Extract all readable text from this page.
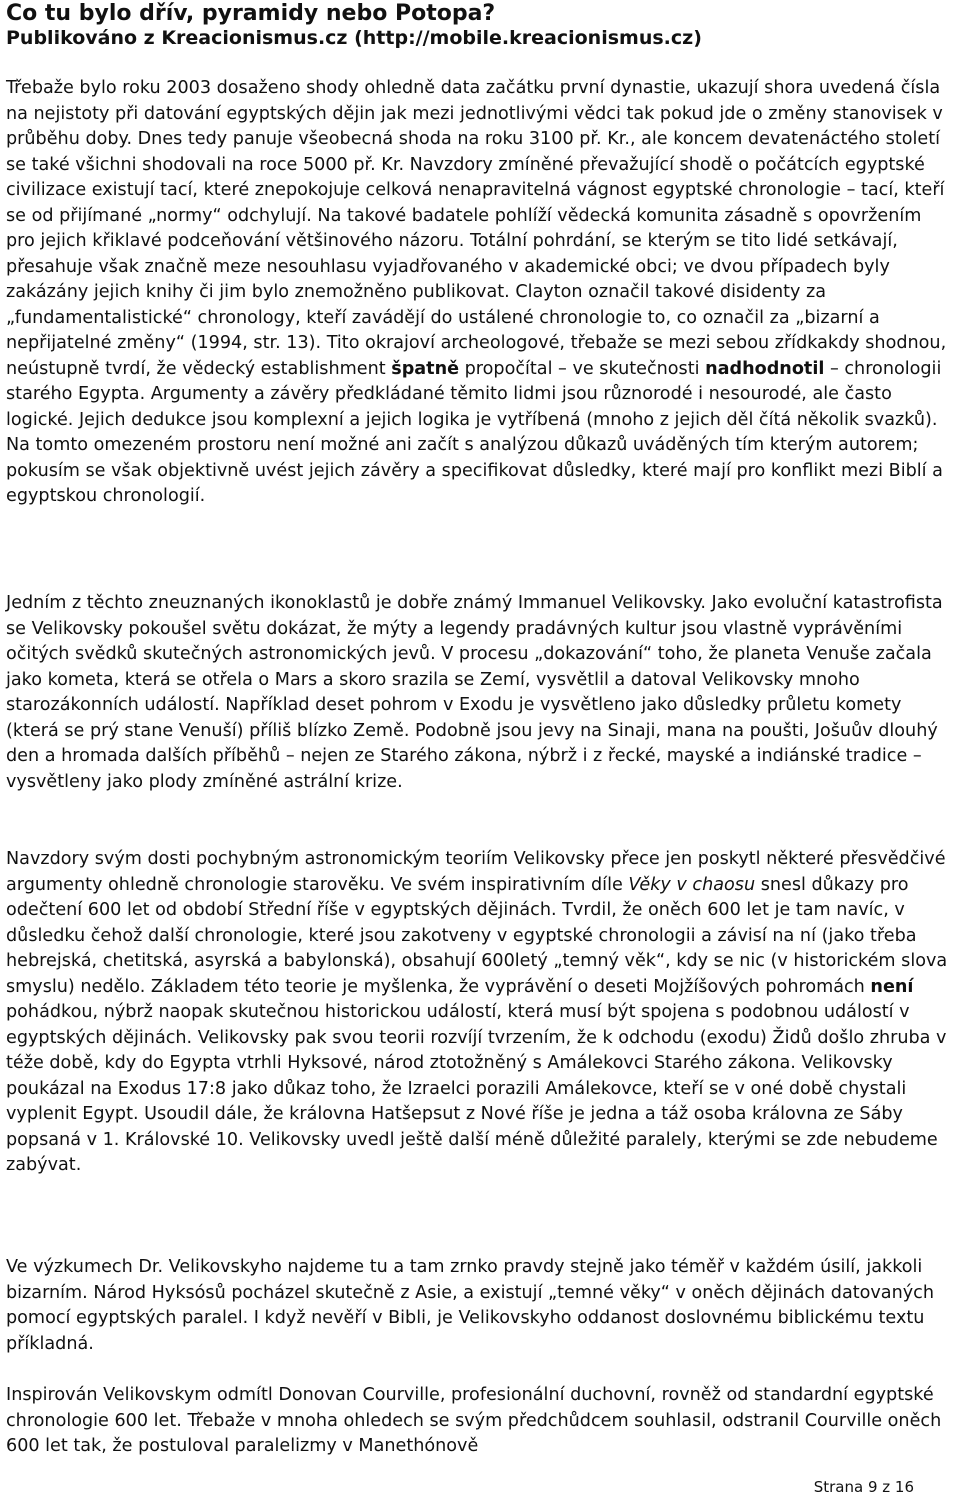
Co tu bylo dřív, pyramidy nebo Potopa?
Publikováno z Kreacionismus.cz (http://mobile.kreacionismus.cz)

Třebaže bylo roku 2003 dosaženo shody ohledně data začátku první dynastie, ukazují shora uvedená čísla na nejistoty při datování egyptských dějin jak mezi jednotlivými vědci tak pokud jde o změny stanovisek v průběhu doby. Dnes tedy panuje všeobecná shoda na roku 3100 př. Kr., ale koncem devatenáctého století se také všichni shodovali na roce 5000 př. Kr. Navzdory zmíněné převažující shodě o počátcích egyptské civilizace existují tací, které znepokojuje celková nenapravitelná vágnost egyptské chronologie – tací, kteří se od přijímané „normy“ odchylují. Na takové badatele pohlíží vědecká komunita zásadně s opovržením pro jejich křiklavé podceňování většinového názoru. Totální pohrdání, se kterým se tito lidé setkávají, přesahuje však značně meze nesouhlasu vyjadřovaného v akademické obci; ve dvou případech byly zakázány jejich knihy či jim bylo znemožněno publikovat. Clayton označil takové disidenty za „fundamentalistické“ chronology, kteří zavádějí do ustálené chronologie to, co označil za „bizarní a nepřijatelné změny“ (1994, str. 13). Tito okrajoví archeologové, třebaže se mezi sebou zřídkakdy shodnou, neústupně tvrdí, že vědecký establishment špatně propočítal – ve skutečnosti nadhodnotil – chronologii starého Egypta. Argumenty a závěry předkládané těmito lidmi jsou různorodé i nesourodé, ale často logické. Jejich dedukce jsou komplexní a jejich logika je vytříbená (mnoho z jejich děl čítá několik svazků). Na tomto omezeném prostoru není možné ani začít s analýzou důkazů uváděných tím kterým autorem; pokusím se však objektivně uvést jejich závěry a specifikovat důsledky, které mají pro konflikt mezi Biblí a egyptskou chronologií.

Jedním z těchto zneuznaných ikonoklastů je dobře známý Immanuel Velikovsky. Jako evoluční katastrofista se Velikovsky pokoušel světu dokázat, že mýty a legendy pradávných kultur jsou vlastně vyprávěními očitých svědků skutečných astronomických jevů. V procesu „dokazování“ toho, že planeta Venuše začala jako kometa, která se otřela o Mars a skoro srazila se Zemí, vysvětlil a datoval Velikovsky mnoho starozákonních událostí. Například deset pohrom v Exodu je vysvětleno jako důsledky průletu komety (která se prý stane Venuší) příliš blízko Země. Podobně jsou jevy na Sinaji, mana na poušti, Jošuův dlouhý den a hromada dalších příběhů – nejen ze Starého zákona, nýbrž i z řecké, mayské a indiánské tradice – vysvětleny jako plody zmíněné astrální krize.

Navzdory svým dosti pochybným astronomickým teoriím Velikovsky přece jen poskytl některé přesvědčivé argumenty ohledně chronologie starověku. Ve svém inspirativním díle Věky v chaosu snesl důkazy pro odečtení 600 let od období Střední říše v egyptských dějinách. Tvrdil, že oněch 600 let je tam navíc, v důsledku čehož další chronologie, které jsou zakotveny v egyptské chronologii a závisí na ní (jako třeba hebrejská, chetitská, asyrská a babylonská), obsahují 600letý „temný věk“, kdy se nic (v historickém slova smyslu) nedělo. Základem této teorie je myšlenka, že vyprávění o deseti Mojžíšových pohromách není pohádkou, nýbrž naopak skutečnou historickou událostí, která musí být spojena s podobnou událostí v egyptských dějinách. Velikovsky pak svou teorii rozvíjí tvrzením, že k odchodu (exodu) Židů došlo zhruba v téže době, kdy do Egypta vtrhli Hyksové, národ ztotožněný s Amálekovci Starého zákona. Velikovsky poukázal na Exodus 17:8 jako důkaz toho, že Izraelci porazili Amálekovce, kteří se v oné době chystali vyplenit Egypt. Usoudil dále, že královna Hatšepsut z Nové říše je jedna a táž osoba královna ze Sáby popsaná v 1. Královské 10. Velikovsky uvedl ještě další méně důležité paralely, kterými se zde nebudeme zabývat.

Ve výzkumech Dr. Velikovskyho najdeme tu a tam zrnko pravdy stejně jako téměř v každém úsilí, jakkoli bizarním. Národ Hyksósů pocházel skutečně z Asie, a existují „temné věky“ v oněch dějinách datovaných pomocí egyptských paralel. I když nevěří v Bibli, je Velikovskyho oddanost doslovnému biblickému textu příkladná.

Inspirován Velikovskym odmítl Donovan Courville, profesionální duchovní, rovněž od standardní egyptské chronologie 600 let. Třebaže v mnoha ohledech se svým předchůdcem souhlasil, odstranil Courville oněch 600 let tak, že postuloval paralelizmy v Manethónově

Strana 9 z 16
